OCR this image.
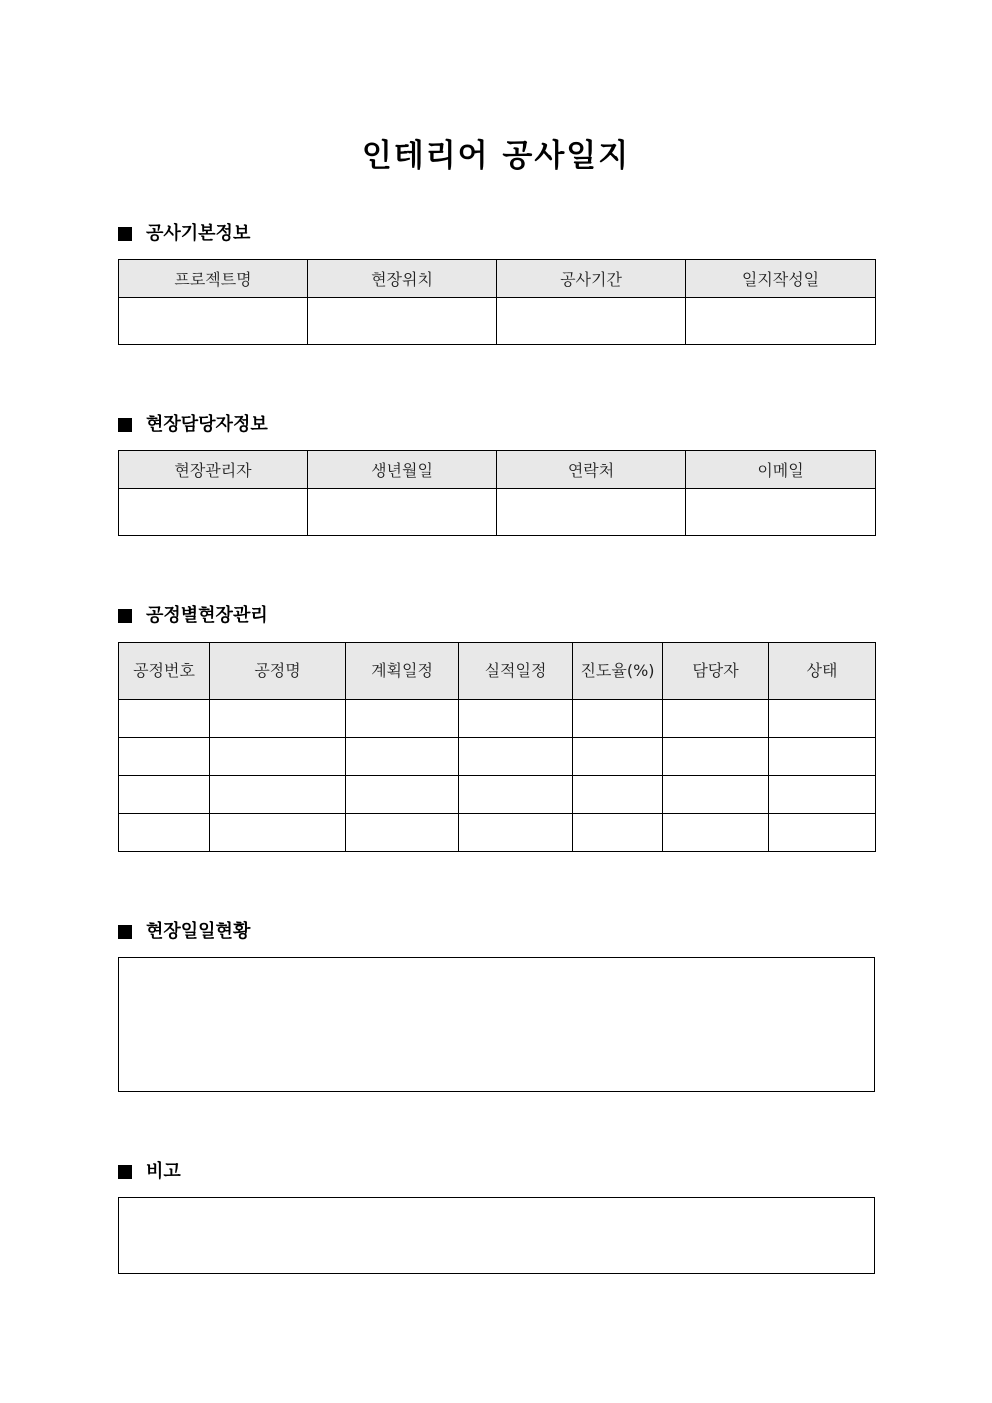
인테리어 공사일지
공사기본정보
프로젝트명	현장위치	공사기간	일지작성일

현장담당자정보
현장관리자	생년월일	연락처	이메일

공정별현장관리
공정번호	공정명	계획일정	실적일정	진도율(%)	담당자	상태

현장일일현황
비고
